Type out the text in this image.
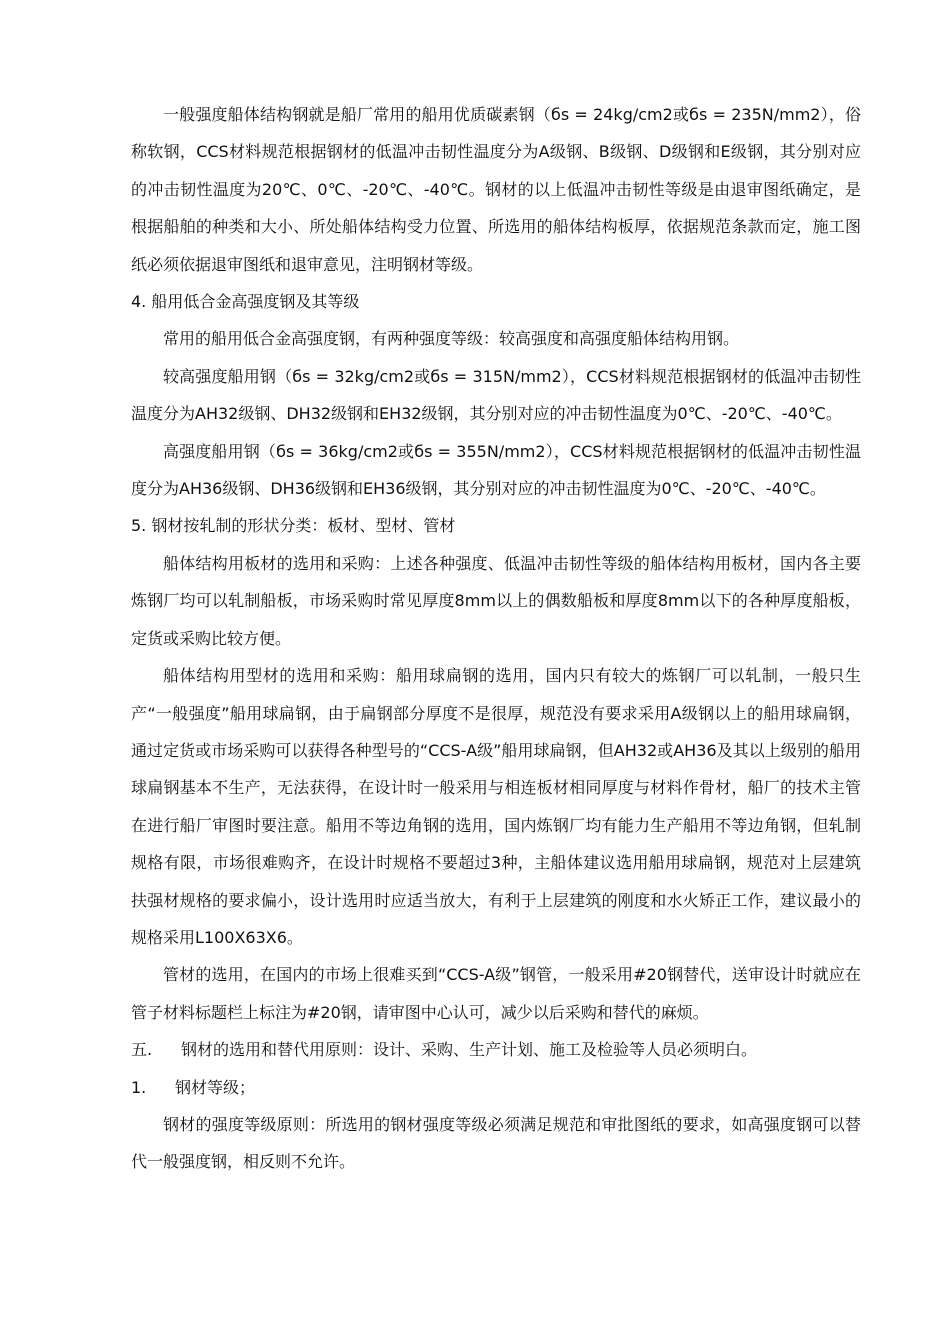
一般强度船体结构钢就是船厂常用的船用优质碳素钢（бs = 24kg/cm2或бs = 235N/mm2），俗称软钢，CCS材料规范根据钢材的低温冲击韧性温度分为A级钢、B级钢、D级钢和E级钢，其分别对应的冲击韧性温度为20℃、0℃、-20℃、-40℃。钢材的以上低温冲击韧性等级是由退审图纸确定，是根据船舶的种类和大小、所处船体结构受力位置、所选用的船体结构板厚，依据规范条款而定，施工图纸必须依据退审图纸和退审意见，注明钢材等级。

4. 船用低合金高强度钢及其等级

常用的船用低合金高强度钢，有两种强度等级：较高强度和高强度船体结构用钢。

较高强度船用钢（бs = 32kg/cm2或бs = 315N/mm2），CCS材料规范根据钢材的低温冲击韧性温度分为AH32级钢、DH32级钢和EH32级钢，其分别对应的冲击韧性温度为0℃、-20℃、-40℃。

高强度船用钢（бs = 36kg/cm2或бs = 355N/mm2），CCS材料规范根据钢材的低温冲击韧性温度分为AH36级钢、DH36级钢和EH36级钢，其分别对应的冲击韧性温度为0℃、-20℃、-40℃。

5. 钢材按轧制的形状分类：板材、型材、管材

船体结构用板材的选用和采购：上述各种强度、低温冲击韧性等级的船体结构用板材，国内各主要炼钢厂均可以轧制船板，市场采购时常见厚度8mm以上的偶数船板和厚度8mm以下的各种厚度船板，定货或采购比较方便。

船体结构用型材的选用和采购：船用球扁钢的选用，国内只有较大的炼钢厂可以轧制，一般只生产“一般强度”船用球扁钢，由于扁钢部分厚度不是很厚，规范没有要求采用A级钢以上的船用球扁钢，通过定货或市场采购可以获得各种型号的“CCS-A级”船用球扁钢，但AH32或AH36及其以上级别的船用球扁钢基本不生产，无法获得，在设计时一般采用与相连板材相同厚度与材料作骨材，船厂的技术主管在进行船厂审图时要注意。船用不等边角钢的选用，国内炼钢厂均有能力生产船用不等边角钢，但轧制规格有限，市场很难购齐，在设计时规格不要超过3种，主船体建议选用船用球扁钢，规范对上层建筑扶强材规格的要求偏小，设计选用时应适当放大，有利于上层建筑的刚度和水火矫正工作，建议最小的规格采用L100X63X6。

管材的选用，在国内的市场上很难买到“CCS-A级”钢管，一般采用#20钢替代，送审设计时就应在管子材料标题栏上标注为#20钢，请审图中心认可，减少以后采购和替代的麻烦。

五. 钢材的选用和替代用原则：设计、采购、生产计划、施工及检验等人员必须明白。

1. 钢材等级；

钢材的强度等级原则：所选用的钢材强度等级必须满足规范和审批图纸的要求，如高强度钢可以替代一般强度钢，相反则不允许。
